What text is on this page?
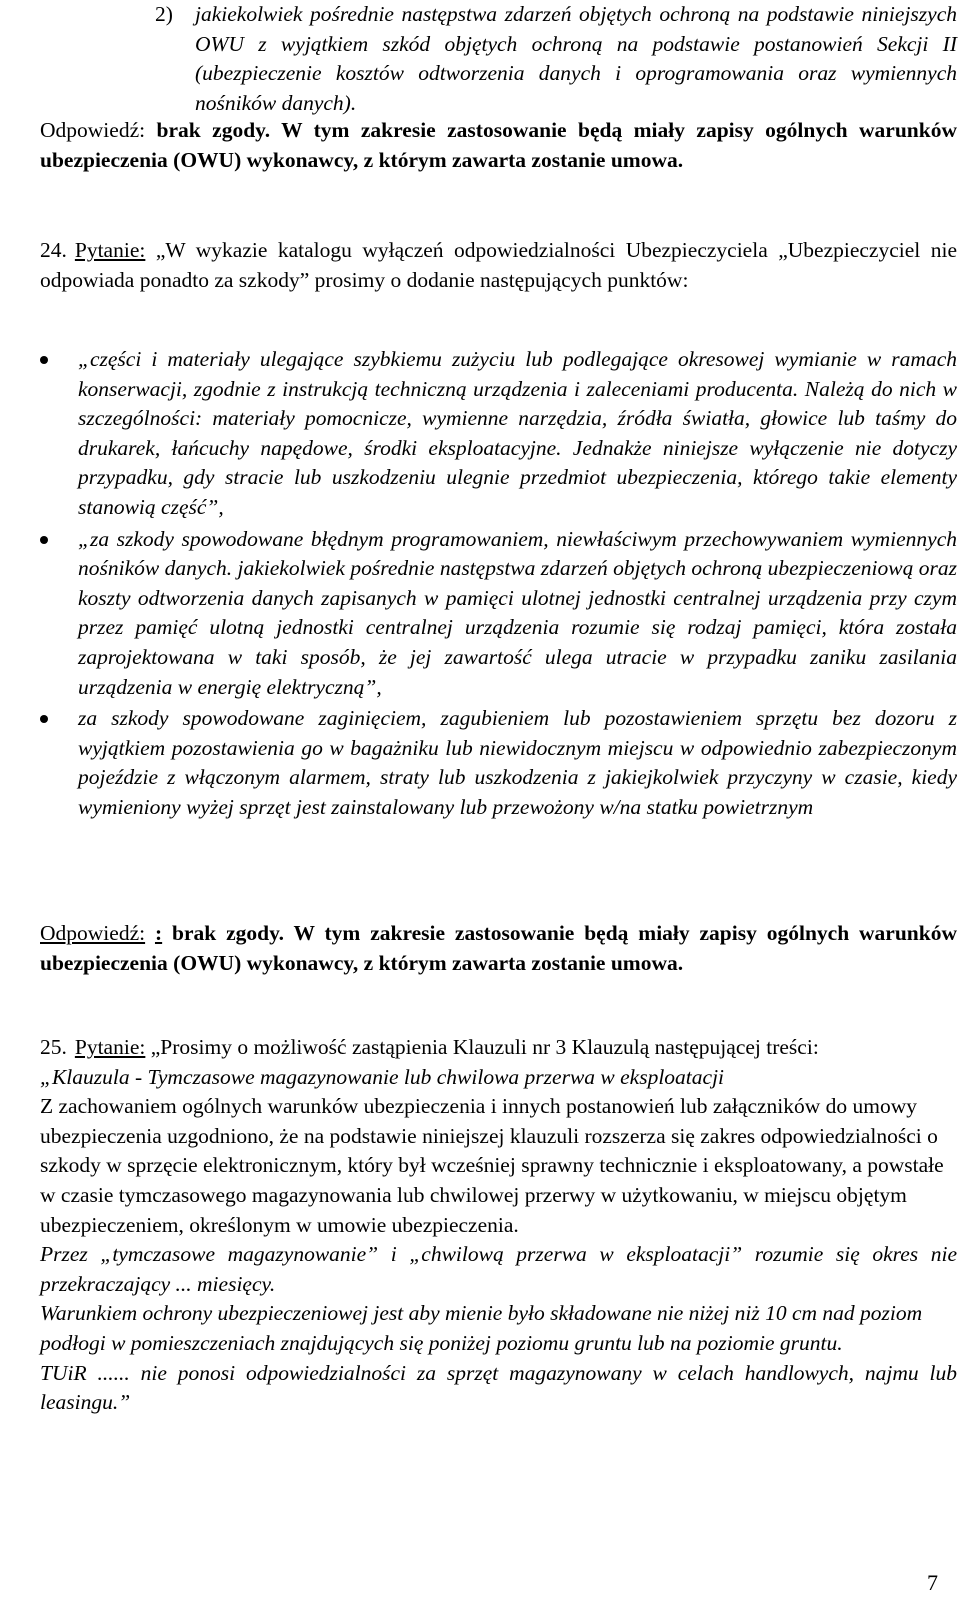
2) jakiekolwiek pośrednie następstwa zdarzeń objętych ochroną na podstawie niniejszych OWU z wyjątkiem szkód objętych ochroną na podstawie postanowień Sekcji II (ubezpieczenie kosztów odtworzenia danych i oprogramowania oraz wymiennych nośników danych).
Odpowiedź: brak zgody. W tym zakresie zastosowanie będą miały zapisy ogólnych warunków ubezpieczenia (OWU) wykonawcy, z którym zawarta zostanie umowa.
24. Pytanie: „W wykazie katalogu wyłączeń odpowiedzialności Ubezpieczyciela „Ubezpieczyciel nie odpowiada ponadto za szkody” prosimy o dodanie następujących punktów:
„części i materiały ulegające szybkiemu zużyciu lub podlegające okresowej wymianie w ramach konserwacji, zgodnie z instrukcją techniczną urządzenia i zaleceniami producenta. Należą do nich w szczególności: materiały pomocnicze, wymienne narzędzia, źródła światła, głowice lub taśmy do drukarek, łańcuchy napędowe, środki eksploatacyjne. Jednakże niniejsze wyłączenie nie dotyczy przypadku, gdy stracie lub uszkodzeniu ulegnie przedmiot ubezpieczenia, którego takie elementy stanowią część”,
„za szkody spowodowane błędnym programowaniem, niewłaściwym przechowywaniem wymiennych nośników danych. jakiekolwiek pośrednie następstwa zdarzeń objętych ochroną ubezpieczeniową oraz koszty odtworzenia danych zapisanych w pamięci ulotnej jednostki centralnej urządzenia przy czym przez pamięć ulotną jednostki centralnej urządzenia rozumie się rodzaj pamięci, która została zaprojektowana w taki sposób, że jej zawartość ulega utracie w przypadku zaniku zasilania urządzenia w energię elektryczną”,
za szkody spowodowane zaginięciem, zagubieniem lub pozostawieniem sprzętu bez dozoru z wyjątkiem pozostawienia go w bagażniku lub niewidocznym miejscu w odpowiednio zabezpieczonym pojeździe z włączonym alarmem, straty lub uszkodzenia z jakiejkolwiek przyczyny w czasie, kiedy wymieniony wyżej sprzęt jest zainstalowany lub przewożony w/na statku powietrznym
Odpowiedź: : brak zgody. W tym zakresie zastosowanie będą miały zapisy ogólnych warunków ubezpieczenia (OWU) wykonawcy, z którym zawarta zostanie umowa.
25. Pytanie: „Prosimy o możliwość zastąpienia Klauzuli nr 3 Klauzulą następującej treści:

„Klauzula - Tymczasowe magazynowanie lub chwilowa przerwa w eksploatacji

Z zachowaniem ogólnych warunków ubezpieczenia i innych postanowień lub załączników do umowy ubezpieczenia uzgodniono, że na podstawie niniejszej klauzuli rozszerza się zakres odpowiedzialności o szkody w sprzęcie elektronicznym, który był wcześniej sprawny technicznie i eksploatowany, a powstałe w czasie tymczasowego magazynowania lub chwilowej przerwy w użytkowaniu, w miejscu objętym ubezpieczeniem, określonym w umowie ubezpieczenia.

Przez „tymczasowe magazynowanie” i „chwilową przerwa w eksploatacji” rozumie się okres nie przekraczający ... miesięcy.

Warunkiem ochrony ubezpieczeniowej jest aby mienie było składowane nie niżej niż 10 cm nad poziom podłogi w pomieszczeniach znajdujących się poniżej poziomu gruntu lub na poziomie gruntu.

TUiR ...... nie ponosi odpowiedzialności za sprzęt magazynowany w celach handlowych, najmu lub leasingu.”

7
